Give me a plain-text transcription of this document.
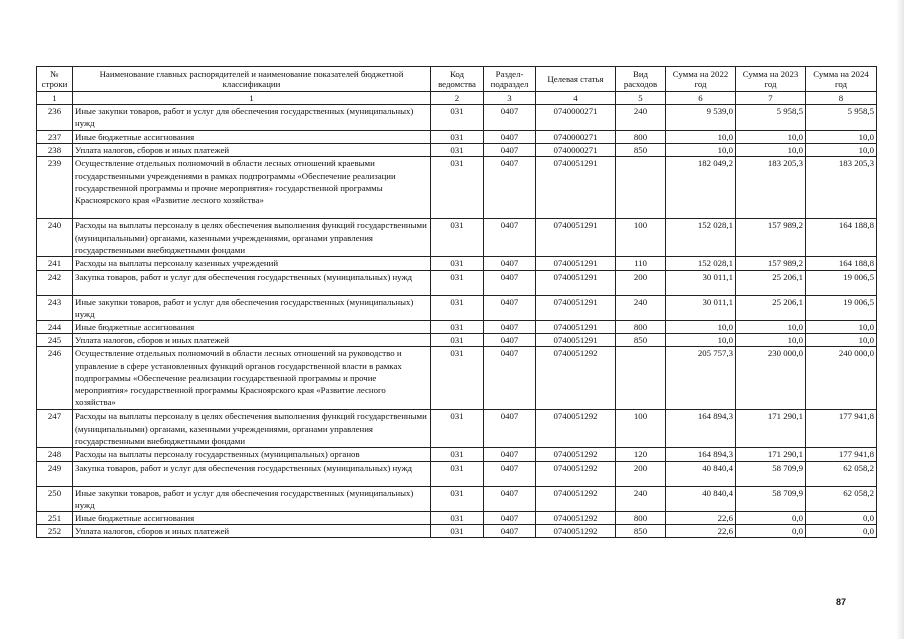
№ строки	Наименование главных распорядителей и наименование показателей бюджетной классификации	Код ведомства	Раздел-подраздел	Целевая статья	Вид расходов	Сумма на 2022 год	Сумма на 2023 год	Сумма на 2024 год
1	1	2	3	4	5	6	7	8
236	Иные закупки товаров, работ и услуг для обеспечения государственных (муниципальных) нужд	031	0407	0740000271	240	9 539,0	5 958,5	5 958,5
237	Иные бюджетные ассигнования	031	0407	0740000271	800	10,0	10,0	10,0
238	Уплата налогов, сборов и иных платежей	031	0407	0740000271	850	10,0	10,0	10,0
239	Осуществление отдельных полномочий в области лесных отношений краевыми государственными учреждениями в рамках подпрограммы «Обеспечение реализации государственной программы и прочие мероприятия» государственной программы Красноярского края «Развитие лесного хозяйства»	031	0407	0740051291		182 049,2	183 205,3	183 205,3
240	Расходы на выплаты персоналу в целях обеспечения выполнения функций государственными (муниципальными) органами, казенными учреждениями, органами управления государственными внебюджетными фондами	031	0407	0740051291	100	152 028,1	157 989,2	164 188,8
241	Расходы на выплаты персоналу казенных учреждений	031	0407	0740051291	110	152 028,1	157 989,2	164 188,8
242	Закупка товаров, работ и услуг для обеспечения государственных (муниципальных) нужд	031	0407	0740051291	200	30 011,1	25 206,1	19 006,5
243	Иные закупки товаров, работ и услуг для обеспечения государственных (муниципальных) нужд	031	0407	0740051291	240	30 011,1	25 206,1	19 006,5
244	Иные бюджетные ассигнования	031	0407	0740051291	800	10,0	10,0	10,0
245	Уплата налогов, сборов и иных платежей	031	0407	0740051291	850	10,0	10,0	10,0
246	Осуществление отдельных полномочий в области лесных отношений на руководство и управление в сфере установленных функций органов государственной власти в рамках подпрограммы «Обеспечение реализации государственной программы и прочие мероприятия» государственной программы Красноярского края «Развитие лесного хозяйства»	031	0407	0740051292		205 757,3	230 000,0	240 000,0
247	Расходы на выплаты персоналу в целях обеспечения выполнения функций государственными (муниципальными) органами, казенными учреждениями, органами управления государственными внебюджетными фондами	031	0407	0740051292	100	164 894,3	171 290,1	177 941,8
248	Расходы на выплаты персоналу государственных (муниципальных) органов	031	0407	0740051292	120	164 894,3	171 290,1	177 941,8
249	Закупка товаров, работ и услуг для обеспечения государственных (муниципальных) нужд	031	0407	0740051292	200	40 840,4	58 709,9	62 058,2
250	Иные закупки товаров, работ и услуг для обеспечения государственных (муниципальных) нужд	031	0407	0740051292	240	40 840,4	58 709,9	62 058,2
251	Иные бюджетные ассигнования	031	0407	0740051292	800	22,6	0,0	0,0
252	Уплата налогов, сборов и иных платежей	031	0407	0740051292	850	22,6	0,0	0,0
87
